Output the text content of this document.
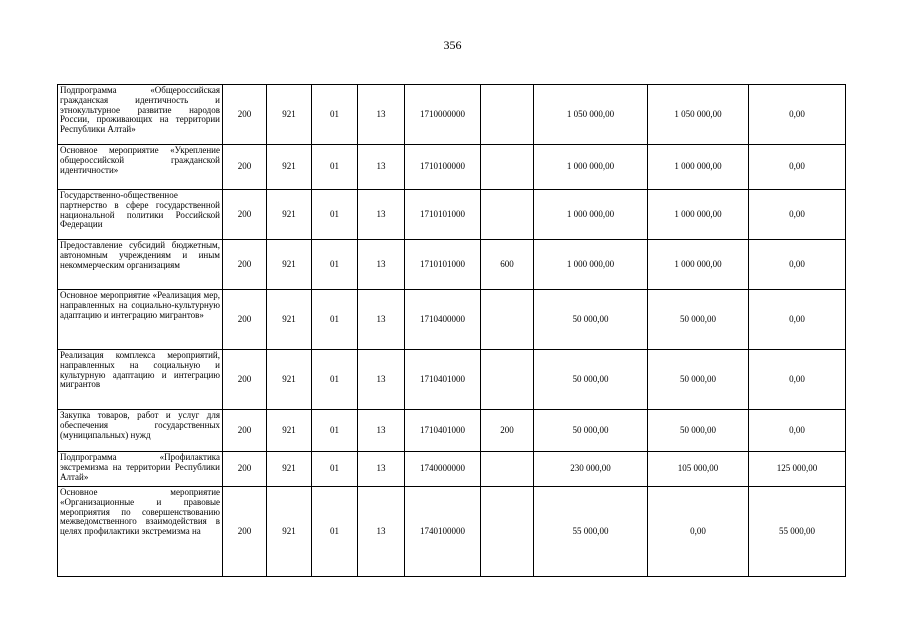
356
Подпрограмма «Общероссийская гражданская идентичность и этнокультурное развитие народов России, проживающих на территории Республики Алтай»	200	921	01	13	1710000000		1 050 000,00	1 050 000,00	0,00
Основное мероприятие «Укрепление общероссийской гражданской идентичности»	200	921	01	13	1710100000		1 000 000,00	1 000 000,00	0,00
Государственно-общественное партнерство в сфере государственной национальной политики Российской Федерации	200	921	01	13	1710101000		1 000 000,00	1 000 000,00	0,00
Предоставление субсидий бюджетным, автономным учреждениям и иным некоммерческим организациям	200	921	01	13	1710101000	600	1 000 000,00	1 000 000,00	0,00
Основное мероприятие «Реализация мер, направленных на социально-культурную адаптацию и интеграцию мигрантов»	200	921	01	13	1710400000		50 000,00	50 000,00	0,00
Реализация комплекса мероприятий, направленных на социальную и культурную адаптацию и интеграцию мигрантов	200	921	01	13	1710401000		50 000,00	50 000,00	0,00
Закупка товаров, работ и услуг для обеспечения государственных (муниципальных) нужд	200	921	01	13	1710401000	200	50 000,00	50 000,00	0,00
Подпрограмма «Профилактика экстремизма на территории Республики Алтай»	200	921	01	13	1740000000		230 000,00	105 000,00	125 000,00
Основное мероприятие «Организационные и правовые мероприятия по совершенствованию межведомственного взаимодействия в целях профилактики экстремизма на	200	921	01	13	1740100000		55 000,00	0,00	55 000,00
